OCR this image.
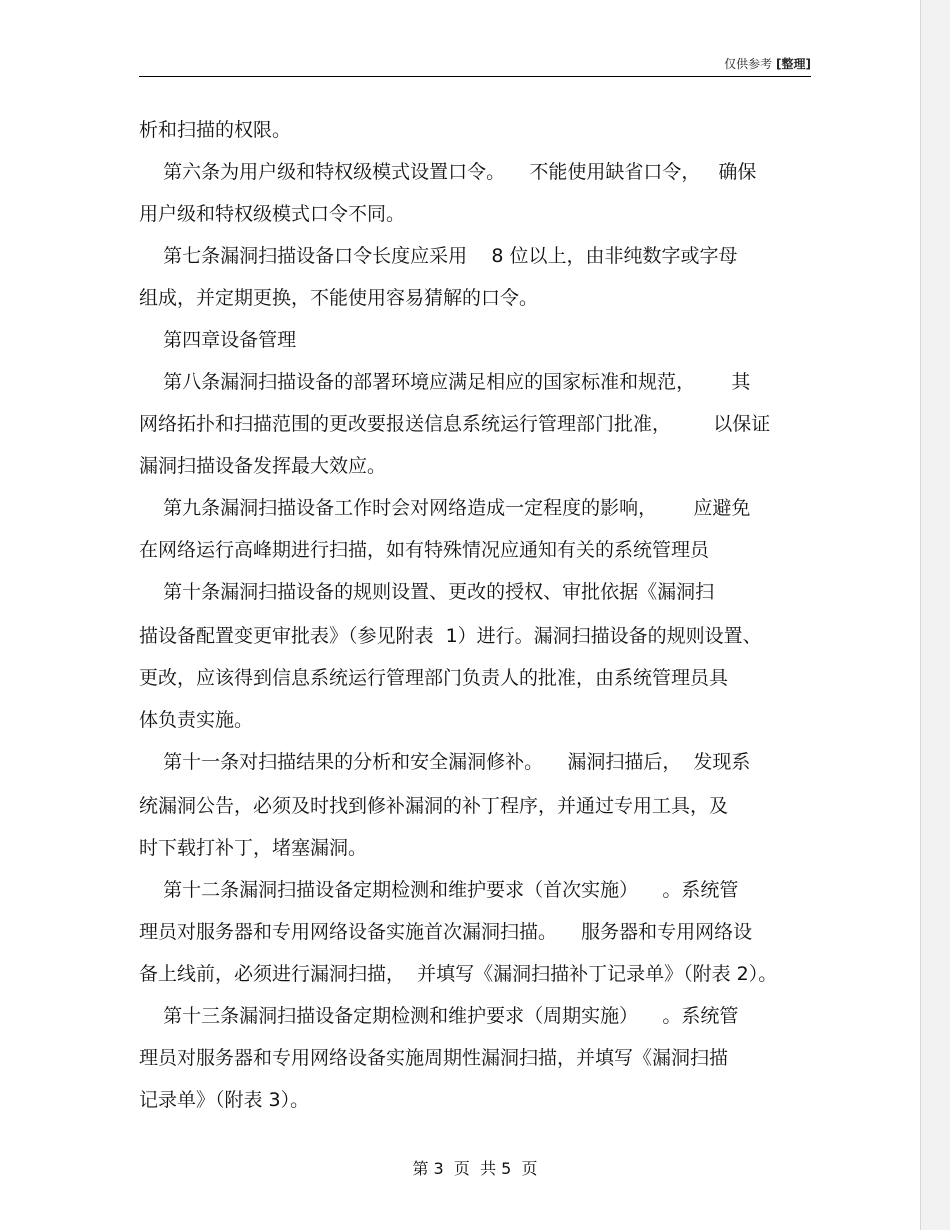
仅供参考 [整理]
析和扫描的权限。
第六条为用户级和特权级模式设置口令。    不能使用缺省口令，   确保
用户级和特权级模式口令不同。
第七条漏洞扫描设备口令长度应采用    8 位以上，由非纯数字或字母
组成，并定期更换，不能使用容易猜解的口令。
第四章设备管理
第八条漏洞扫描设备的部署环境应满足相应的国家标准和规范，      其
网络拓扑和扫描范围的更改要报送信息系统运行管理部门批准，       以保证
漏洞扫描设备发挥最大效应。
第九条漏洞扫描设备工作时会对网络造成一定程度的影响，      应避免
在网络运行高峰期进行扫描，如有特殊情况应通知有关的系统管理员
第十条漏洞扫描设备的规则设置、更改的授权、审批依据《漏洞扫
描设备配置变更审批表》（参见附表  1）进行。漏洞扫描设备的规则设置、
更改，应该得到信息系统运行管理部门负责人的批准，由系统管理员具
体负责实施。
第十一条对扫描结果的分析和安全漏洞修补。    漏洞扫描后，  发现系
统漏洞公告，必须及时找到修补漏洞的补丁程序，并通过专用工具，及
时下载打补丁，堵塞漏洞。
第十二条漏洞扫描设备定期检测和维护要求（首次实施）    。系统管
理员对服务器和专用网络设备实施首次漏洞扫描。    服务器和专用网络设
备上线前，必须进行漏洞扫描，  并填写《漏洞扫描补丁记录单》（附表 2）。
第十三条漏洞扫描设备定期检测和维护要求（周期实施）    。系统管
理员对服务器和专用网络设备实施周期性漏洞扫描，并填写《漏洞扫描
记录单》（附表 3）。
第 3  页  共 5  页
